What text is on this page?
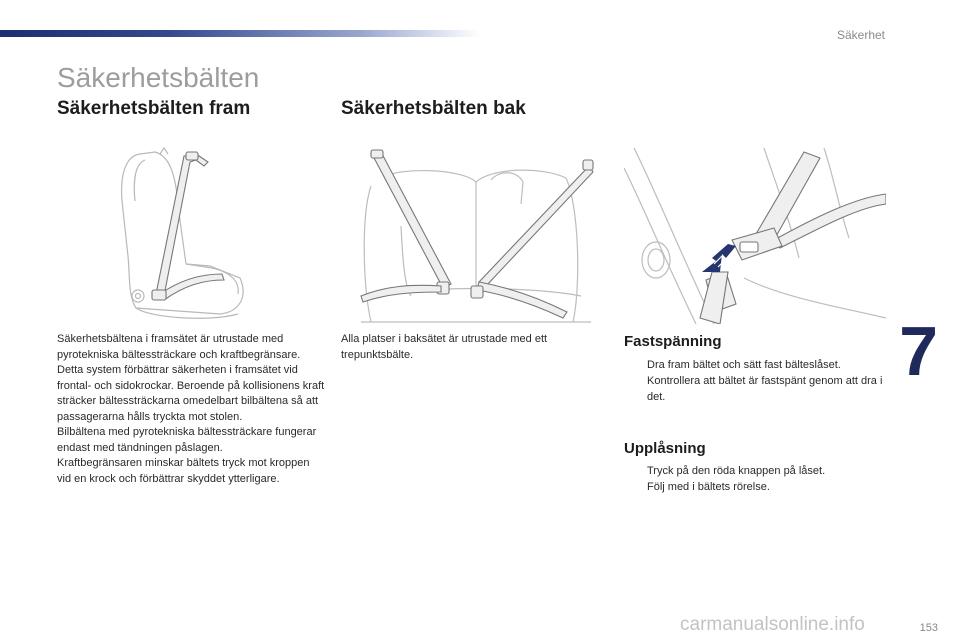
Säkerhet
7
Säkerhetsbälten
Säkerhetsbälten fram	Säkerhetsbälten bak

Säkerhetsbältena i framsätet är utrustade med pyrotekniska bältessträckare och kraftbegränsare.

Detta system förbättrar säkerheten i framsätet vid frontal- och sidokrockar. Beroende på kollisionens kraft sträcker bältessträckarna omedelbart bilbältena så att passagerarna hålls tryckta mot stolen.

Bilbältena med pyrotekniska bältessträckare fungerar endast med tändningen påslagen.

Kraftbegränsaren minskar bältets tryck mot kroppen vid en krock och förbättrar skyddet ytterligare.

Alla platser i baksätet är utrustade med ett trepunktsbälte.

Fastspänning
Dra fram bältet och sätt fast bälteslåset.
Kontrollera att bältet är fastspänt genom att dra i det.
Upplåsning
Tryck på den röda knappen på låset.
Följ med i bältets rörelse.
carmanualsonline.info	153
